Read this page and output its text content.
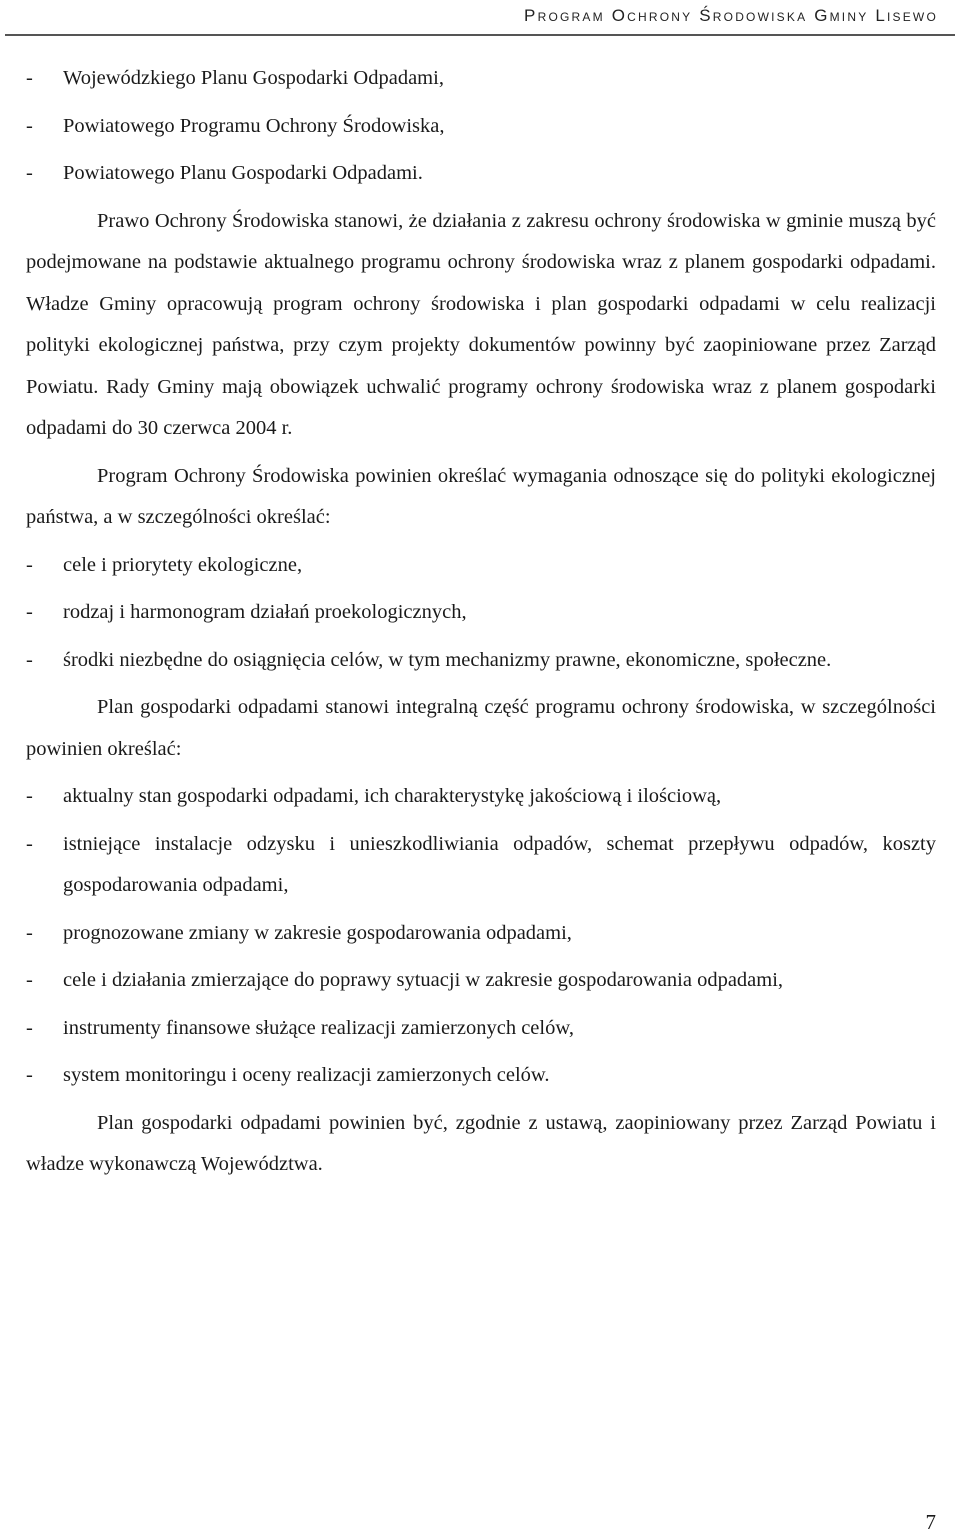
Program Ochrony Środowiska Gminy Lisewo
- Wojewódzkiego Planu Gospodarki Odpadami,
- Powiatowego Programu Ochrony Środowiska,
- Powiatowego Planu Gospodarki Odpadami.

Prawo Ochrony Środowiska stanowi, że działania z zakresu ochrony środowiska w gminie muszą być podejmowane na podstawie aktualnego programu ochrony środowiska wraz z planem gospodarki odpadami. Władze Gminy opracowują program ochrony środowiska i plan gospodarki odpadami w celu realizacji polityki ekologicznej państwa, przy czym projekty dokumentów powinny być zaopiniowane przez Zarząd Powiatu. Rady Gminy mają obowiązek uchwalić programy ochrony środowiska wraz z planem gospodarki odpadami do 30 czerwca 2004 r.

Program Ochrony Środowiska powinien określać wymagania odnoszące się do polityki ekologicznej państwa, a w szczególności określać:

- cele i priorytety ekologiczne,
- rodzaj i harmonogram działań proekologicznych,
- środki niezbędne do osiągnięcia celów, w tym mechanizmy prawne, ekonomiczne, społeczne.

Plan gospodarki odpadami stanowi integralną część programu ochrony środowiska, w szczególności powinien określać:

- aktualny stan gospodarki odpadami, ich charakterystykę jakościową i ilościową,
- istniejące instalacje odzysku i unieszkodliwiania odpadów, schemat przepływu odpadów, koszty gospodarowania odpadami,
- prognozowane zmiany w zakresie gospodarowania odpadami,
- cele i działania zmierzające do poprawy sytuacji w zakresie gospodarowania odpadami,
- instrumenty finansowe służące realizacji zamierzonych celów,
- system monitoringu i oceny realizacji zamierzonych celów.

Plan gospodarki odpadami powinien być, zgodnie z ustawą, zaopiniowany przez Zarząd Powiatu i władze wykonawczą Województwa.

7
